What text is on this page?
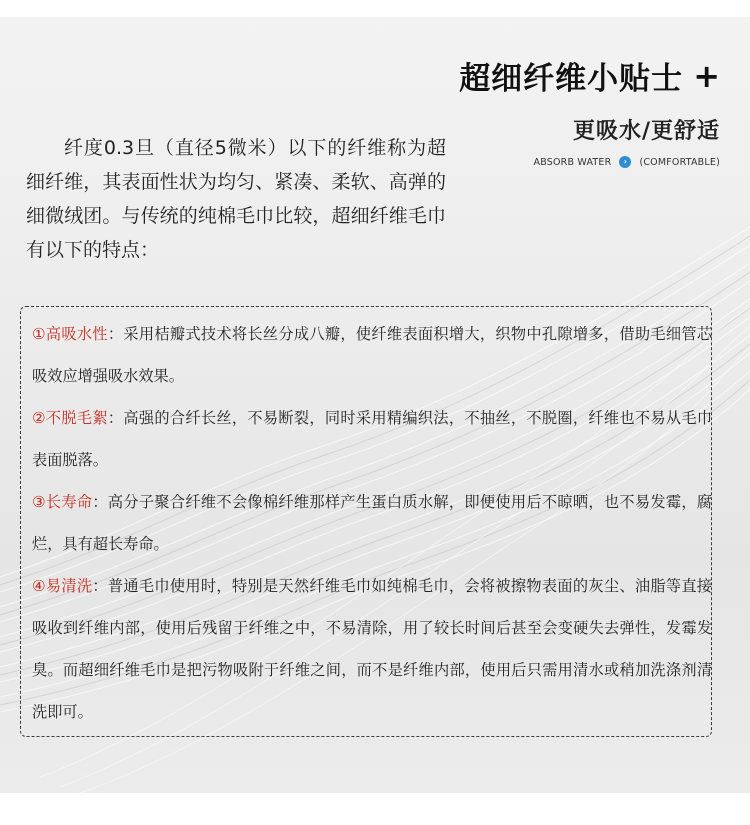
超细纤维小贴士 +
更吸水/更舒适
ABSORB WATER	›	(COMFORTABLE)
纤度0.3旦（直径5微米）以下的纤维称为超细纤维，其表面性状为均匀、紧凑、柔软、高弹的细微绒团。与传统的纯棉毛巾比较，超细纤维毛巾有以下的特点：
①高吸水性：采用桔瓣式技术将长丝分成八瓣，使纤维表面积增大，织物中孔隙增多，借助毛细管芯吸效应增强吸水效果。
②不脱毛絮：高强的合纤长丝，不易断裂，同时采用精编织法，不抽丝，不脱圈，纤维也不易从毛巾表面脱落。
③长寿命：高分子聚合纤维不会像棉纤维那样产生蛋白质水解，即便使用后不晾晒，也不易发霉，腐烂，具有超长寿命。
④易清洗：普通毛巾使用时，特别是天然纤维毛巾如纯棉毛巾，会将被擦物表面的灰尘、油脂等直接吸收到纤维内部，使用后残留于纤维之中，不易清除，用了较长时间后甚至会变硬失去弹性，发霉发臭。而超细纤维毛巾是把污物吸附于纤维之间，而不是纤维内部，使用后只需用清水或稍加洗涤剂清洗即可。
